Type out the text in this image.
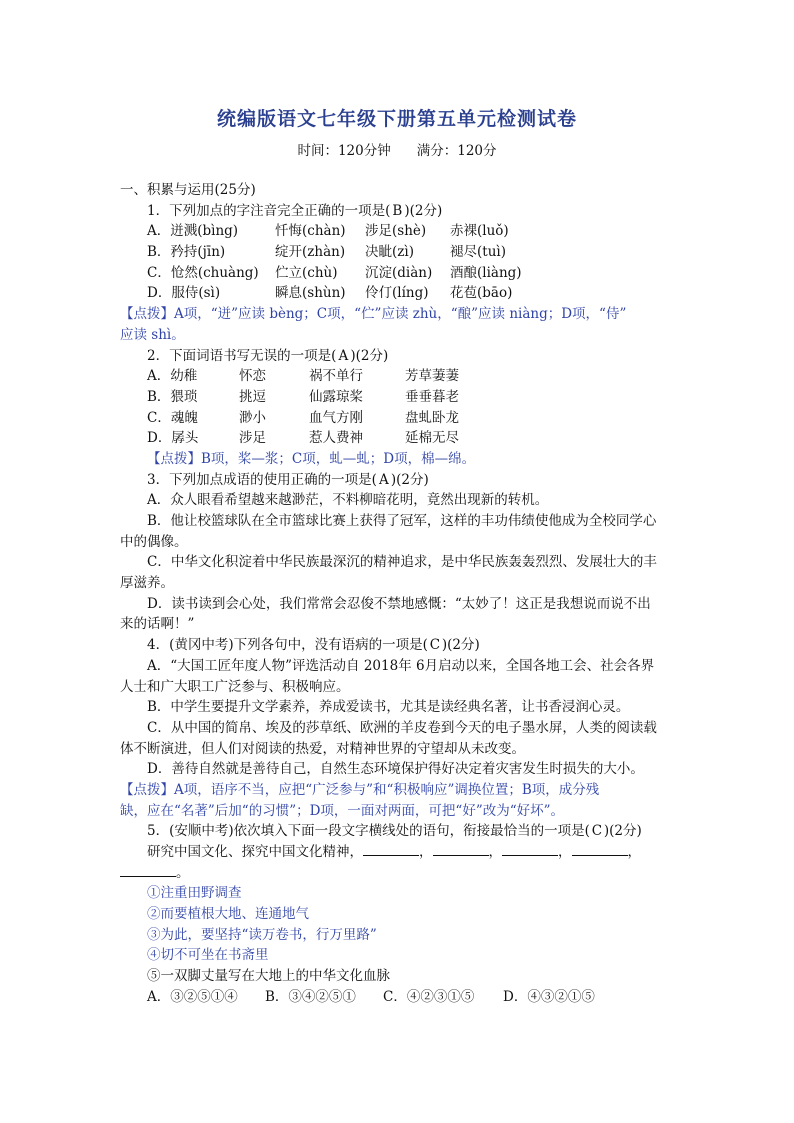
统编版语文七年级下册第五单元检测试卷
时间：120分钟 满分：120分
一、积累与运用(25分)
1．下列加点的字注音完全正确的一项是( B )(2分)
A．迸溅(bìng)	忏悔(chàn) 涉足(shè) 赤裸(luǒ)
B．矜持(jīn)	绽开(zhàn) 决眦(zì)	褪尽(tuì)
C．怆然(chuàng) 伫立(chù) 沉淀(diàn) 酒酿(liàng)
D．服侍(sì)	瞬息(shùn) 伶仃(líng) 花苞(bāo)
【点拨】A项，“迸”应读 bèng；C项，“伫”应读 zhù，“酿”应读 niàng；D项，“侍”
应读 shì。
2．下面词语书写无误的一项是( A )(2分)
A．幼稚	怀恋	祸不单行	芳草萋萋
B．猥琐	挑逗	仙露琼桨	垂垂暮老
C．魂魄	渺小	血气方刚	盘虬卧龙
D．孱头	涉足	惹人费神	延棉无尽
【点拨】B项，桨—浆；C项，虬—虬；D项，棉—绵。
3．下列加点成语的使用正确的一项是( A )(2分)
A．众人眼看希望越来越渺茫，不料柳暗花明，竟然出现新的转机。
B．他让校篮球队在全市篮球比赛上获得了冠军，这样的丰功伟绩使他成为全校同学心
中的偶像。
C．中华文化积淀着中华民族最深沉的精神追求，是中华民族轰轰烈烈、发展壮大的丰
厚滋养。
D．读书读到会心处，我们常常会忍俊不禁地感慨：“太妙了！这正是我想说而说不出
来的话啊！”
4．(黄冈中考)下列各句中，没有语病的一项是( C )(2分)
A．“大国工匠年度人物”评选活动自 2018年 6月启动以来，全国各地工会、社会各界
人士和广大职工广泛参与、积极响应。
B．中学生要提升文学素养，养成爱读书，尤其是读经典名著，让书香浸润心灵。
C．从中国的简帛、埃及的莎草纸、欧洲的羊皮卷到今天的电子墨水屏，人类的阅读载
体不断演进，但人们对阅读的热爱，对精神世界的守望却从未改变。
D．善待自然就是善待自己，自然生态环境保护得好决定着灾害发生时损失的大小。
【点拨】A项，语序不当，应把“广泛参与”和“积极响应”调换位置；B项，成分残
缺，应在“名著”后加“的习惯”；D项，一面对两面，可把“好”改为“好坏”。
5．(安顺中考)依次填入下面一段文字横线处的语句，衔接最恰当的一项是( C )(2分)
研究中国文化、探究中国文化精神，	，	，	，	，
。
①注重田野调查
②而要植根大地、连通地气
③为此，要坚持“读万卷书，行万里路”
④切不可坐在书斋里
⑤一双脚丈量写在大地上的中华文化血脉
A．③②⑤①④ B．③④②⑤① C．④②③①⑤ D．④③②①⑤
